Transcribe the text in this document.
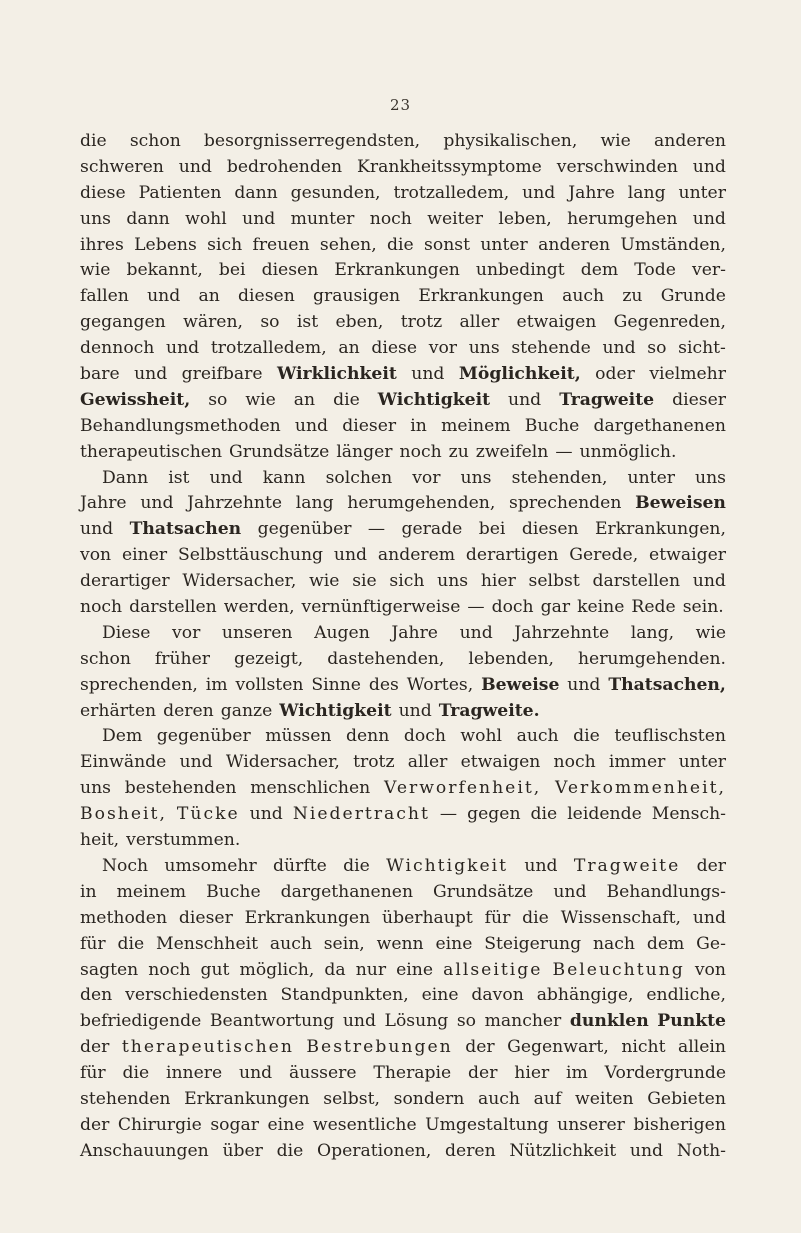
23
die schon besorgnisserregendsten, physikalischen, wie anderen
schweren und bedrohenden Krankheitssymptome verschwinden und
diese Patienten dann gesunden, trotzalledem, und Jahre lang unter
uns dann wohl und munter noch weiter leben, herumgehen und
ihres Lebens sich freuen sehen, die sonst unter anderen Umständen,
wie bekannt, bei diesen Erkrankungen unbedingt dem Tode ver-
fallen und an diesen grausigen Erkrankungen auch zu Grunde
gegangen wären, so ist eben, trotz aller etwaigen Gegenreden,
dennoch und trotzalledem, an diese vor uns stehende und so sicht-
bare und greifbare Wirklichkeit und Möglichkeit, oder vielmehr
Gewissheit, so wie an die Wichtigkeit und Tragweite dieser
Behandlungsmethoden und dieser in meinem Buche dargethanenen
therapeutischen Grundsätze länger noch zu zweifeln — unmöglich.
Dann ist und kann solchen vor uns stehenden, unter uns
Jahre und Jahrzehnte lang herumgehenden, sprechenden Beweisen
und Thatsachen gegenüber — gerade bei diesen Erkrankungen,
von einer Selbsttäuschung und anderem derartigen Gerede, etwaiger
derartiger Widersacher, wie sie sich uns hier selbst darstellen und
noch darstellen werden, vernünftigerweise — doch gar keine Rede sein.
Diese vor unseren Augen Jahre und Jahrzehnte lang, wie
schon früher gezeigt, dastehenden, lebenden, herumgehenden.
sprechenden, im vollsten Sinne des Wortes, Beweise und Thatsachen,
erhärten deren ganze Wichtigkeit und Tragweite.
Dem gegenüber müssen denn doch wohl auch die teuflischsten
Einwände und Widersacher, trotz aller etwaigen noch immer unter
uns bestehenden menschlichen Verworfenheit, Verkommenheit,
Bosheit, Tücke und Niedertracht — gegen die leidende Mensch-
heit, verstummen.
Noch umsomehr dürfte die Wichtigkeit und Tragweite der
in meinem Buche dargethanenen Grundsätze und Behandlungs-
methoden dieser Erkrankungen überhaupt für die Wissenschaft, und
für die Menschheit auch sein, wenn eine Steigerung nach dem Ge-
sagten noch gut möglich, da nur eine allseitige Beleuchtung von
den verschiedensten Standpunkten, eine davon abhängige, endliche,
befriedigende Beantwortung und Lösung so mancher dunklen Punkte
der therapeutischen Bestrebungen der Gegenwart, nicht allein
für die innere und äussere Therapie der hier im Vordergrunde
stehenden Erkrankungen selbst, sondern auch auf weiten Gebieten
der Chirurgie sogar eine wesentliche Umgestaltung unserer bisherigen
Anschauungen über die Operationen, deren Nützlichkeit und Noth-
